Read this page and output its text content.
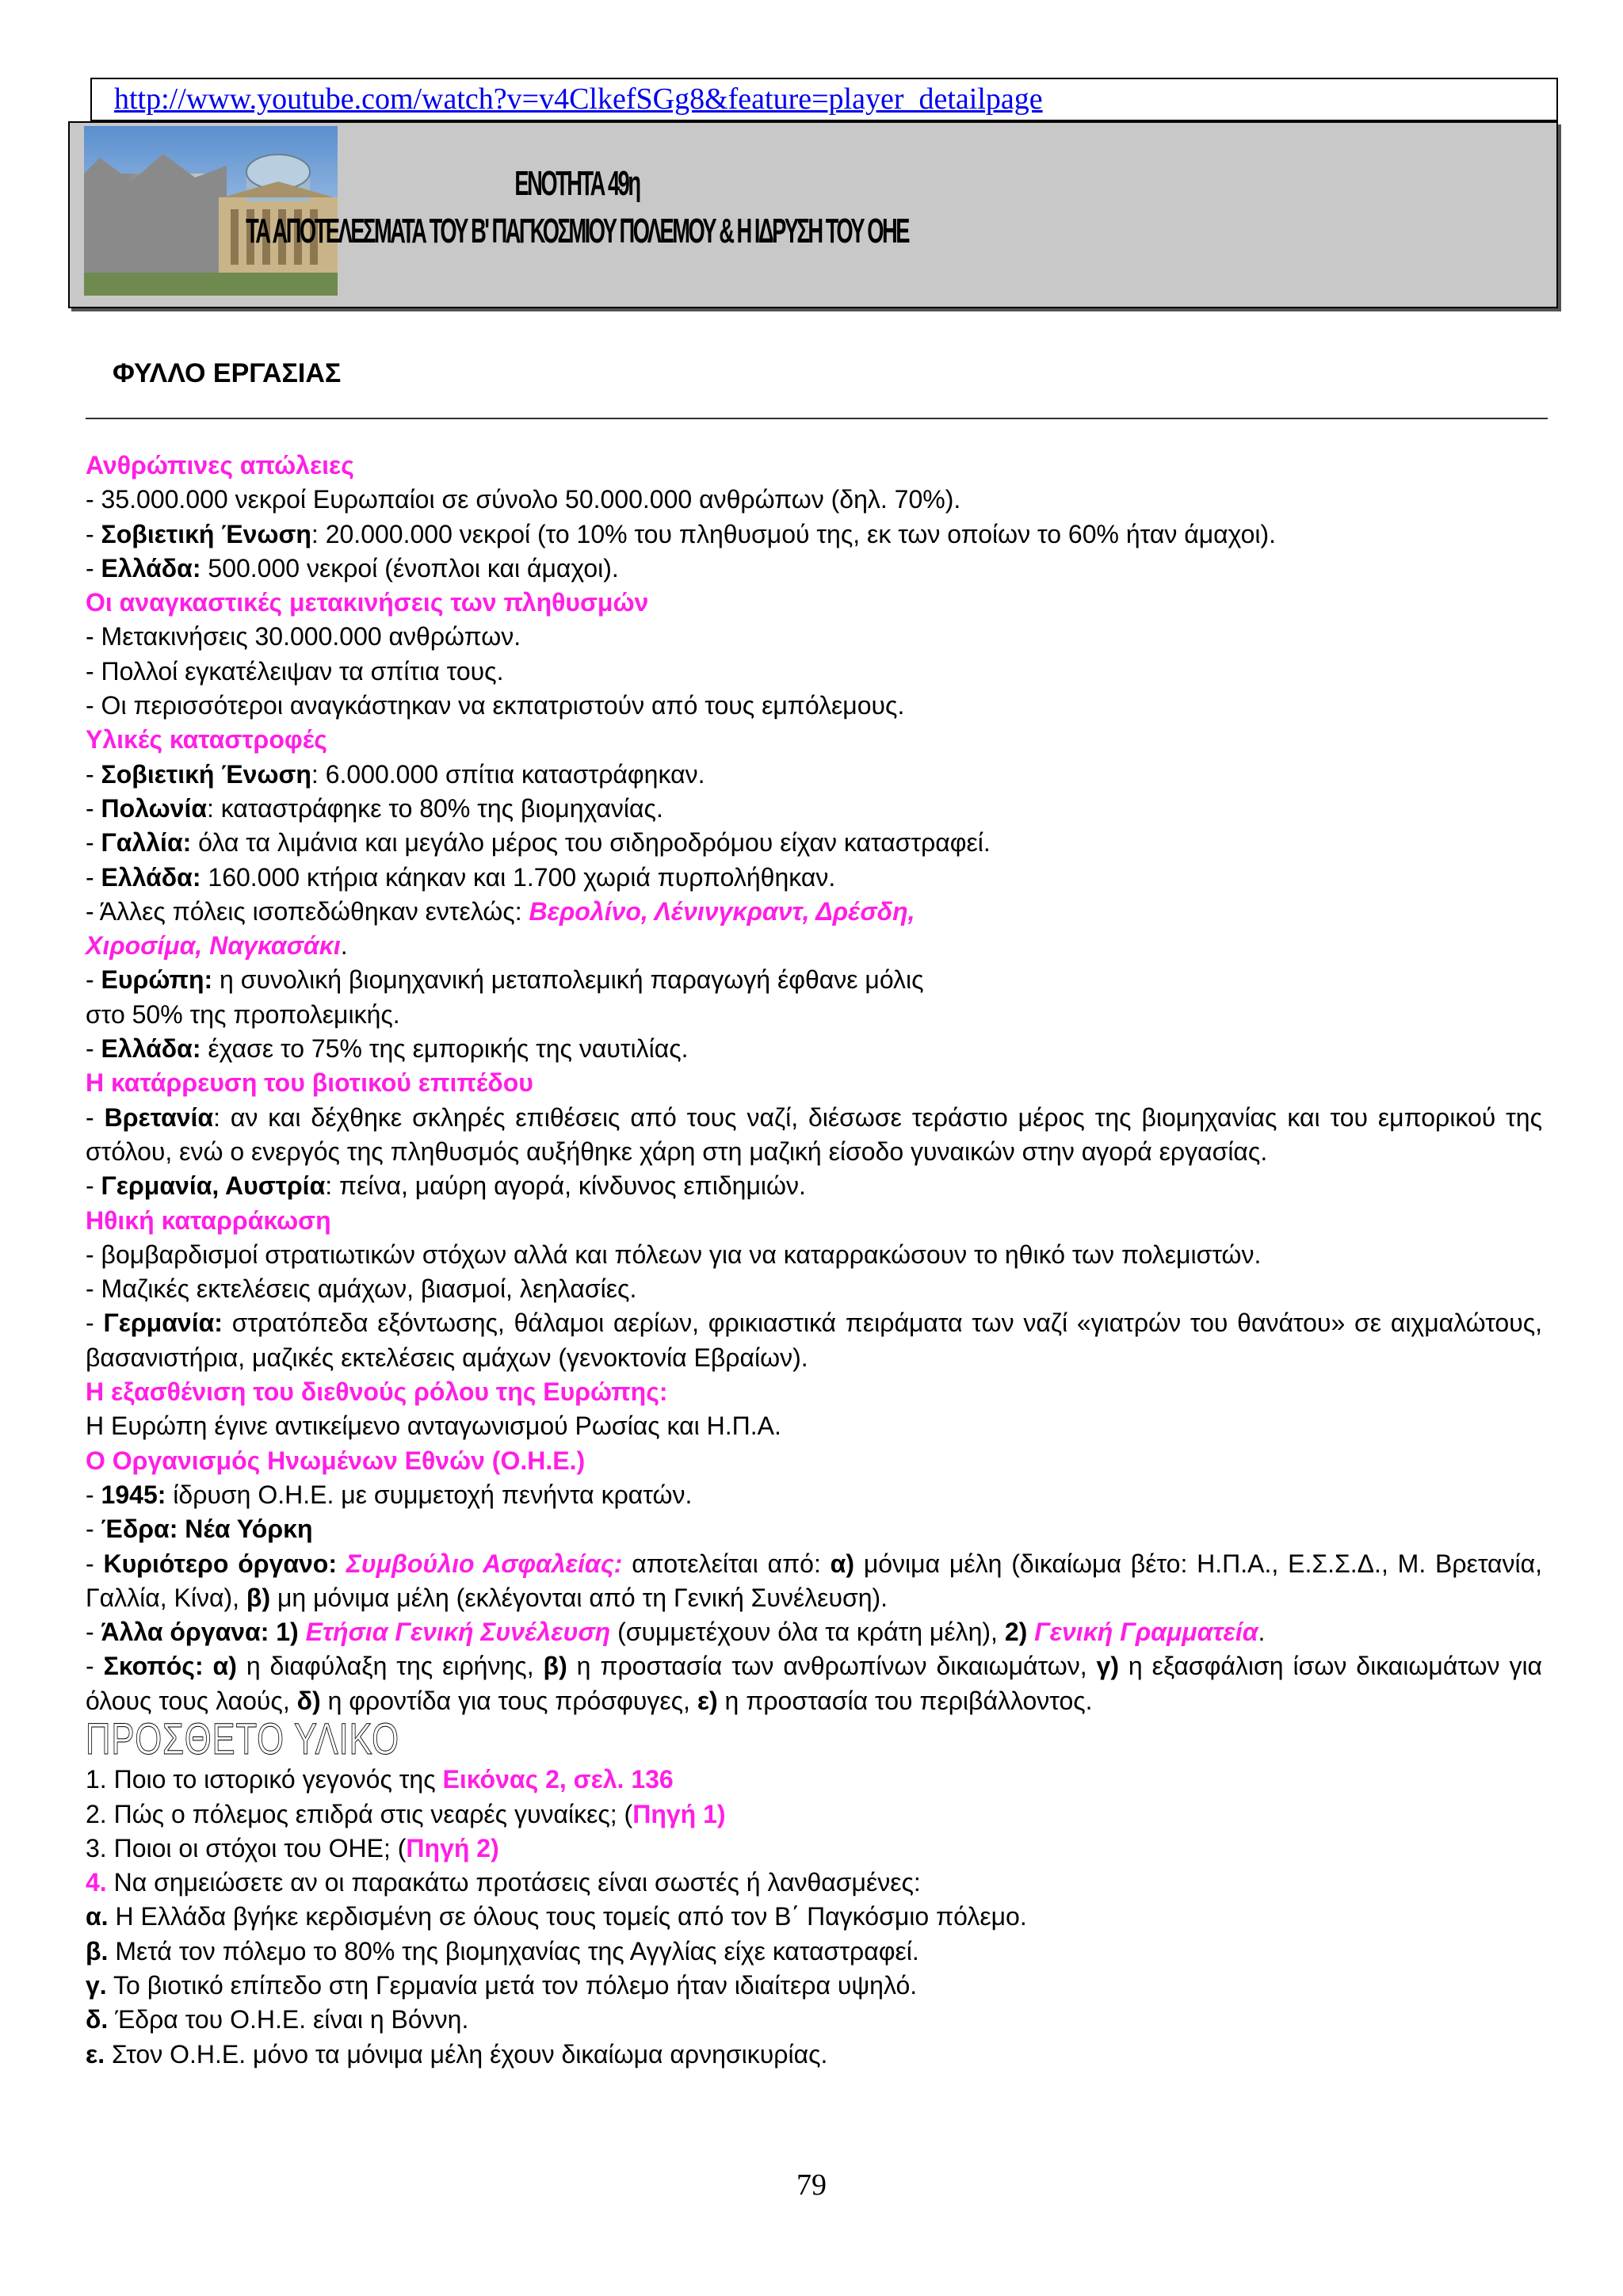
http://www.youtube.com/watch?v=v4ClkefSGg8&feature=player_detailpage
ΕΝΟΤΗΤΑ 49η
ΤΑ ΑΠΟΤΕΛΕΣΜΑΤΑ ΤΟΥ Β' ΠΑΓΚΟΣΜΙΟΥ ΠΟΛΕΜΟΥ & Η ΙΔΡΥΣΗ ΤΟΥ ΟΗΕ
ΦΥΛΛΟ ΕΡΓΑΣΙΑΣ

Ανθρώπινες απώλειες

- 35.000.000 νεκροί Ευρωπαίοι σε σύνολο 50.000.000 ανθρώπων (δηλ. 70%).

- Σοβιετική Ένωση: 20.000.000 νεκροί (το 10% του πληθυσμού της, εκ των οποίων το 60% ήταν άμαχοι).

- Ελλάδα: 500.000 νεκροί (ένοπλοι και άμαχοι).

Οι αναγκαστικές μετακινήσεις των πληθυσμών

- Μετακινήσεις 30.000.000 ανθρώπων.

- Πολλοί εγκατέλειψαν τα σπίτια τους.

- Οι περισσότεροι αναγκάστηκαν να εκπατριστούν από τους εμπόλεμους.

Υλικές καταστροφές

- Σοβιετική Ένωση: 6.000.000 σπίτια καταστράφηκαν.

- Πολωνία: καταστράφηκε το 80% της βιομηχανίας.

- Γαλλία: όλα τα λιμάνια και μεγάλο μέρος του σιδηροδρόμου είχαν καταστραφεί.

- Ελλάδα: 160.000 κτήρια κάηκαν και 1.700 χωριά πυρπολήθηκαν.

- Άλλες πόλεις ισοπεδώθηκαν εντελώς: Βερολίνο, Λένινγκραντ, Δρέσδη,

Χιροσίμα, Ναγκασάκι.

- Ευρώπη: η συνολική βιομηχανική μεταπολεμική παραγωγή έφθανε μόλις

στο 50% της προπολεμικής.

- Ελλάδα: έχασε το 75% της εμπορικής της ναυτιλίας.

Η κατάρρευση του βιοτικού επιπέδου

- Βρετανία: αν και δέχθηκε σκληρές επιθέσεις από τους ναζί, διέσωσε τεράστιο μέρος της βιομηχανίας και του εμπορικού της στόλου, ενώ ο ενεργός της πληθυσμός αυξήθηκε χάρη στη μαζική είσοδο γυναικών στην αγορά εργασίας.

- Γερμανία, Αυστρία: πείνα, μαύρη αγορά, κίνδυνος επιδημιών.

Ηθική καταρράκωση

- βομβαρδισμοί στρατιωτικών στόχων αλλά και πόλεων για να καταρρακώσουν το ηθικό των πολεμιστών.

- Μαζικές εκτελέσεις αμάχων, βιασμοί, λεηλασίες.

- Γερμανία: στρατόπεδα εξόντωσης, θάλαμοι αερίων, φρικιαστικά πειράματα των ναζί «γιατρών του θανάτου» σε αιχμαλώτους, βασανιστήρια, μαζικές εκτελέσεις αμάχων (γενοκτονία Εβραίων).

Η εξασθένιση του διεθνούς ρόλου της Ευρώπης:

Η Ευρώπη έγινε αντικείμενο ανταγωνισμού Ρωσίας και Η.Π.Α.

Ο Οργανισμός Ηνωμένων Εθνών (Ο.Η.Ε.)

- 1945: ίδρυση Ο.Η.Ε. με συμμετοχή πενήντα κρατών.

- Έδρα: Νέα Υόρκη

- Κυριότερο όργανο: Συμβούλιο Ασφαλείας: αποτελείται από: α) μόνιμα μέλη (δικαίωμα βέτο: Η.Π.Α., Ε.Σ.Σ.Δ., Μ. Βρετανία, Γαλλία, Κίνα), β) μη μόνιμα μέλη (εκλέγονται από τη Γενική Συνέλευση).

- Άλλα όργανα: 1) Ετήσια Γενική Συνέλευση (συμμετέχουν όλα τα κράτη μέλη), 2) Γενική Γραμματεία.

- Σκοπός: α) η διαφύλαξη της ειρήνης, β) η προστασία των ανθρωπίνων δικαιωμάτων, γ) η εξασφάλιση ίσων δικαιωμάτων για όλους τους λαούς, δ) η φροντίδα για τους πρόσφυγες, ε) η προστασία του περιβάλλοντος.

ΠΡΟΣΘΕΤΟ ΥΛΙΚΟ

1. Ποιο το ιστορικό γεγονός της Εικόνας 2, σελ. 136

2. Πώς ο πόλεμος επιδρά στις νεαρές γυναίκες; (Πηγή 1)

3. Ποιοι οι στόχοι του ΟΗΕ; (Πηγή 2)

4. Να σημειώσετε αν οι παρακάτω προτάσεις είναι σωστές ή λανθασμένες:

α. Η Ελλάδα βγήκε κερδισμένη σε όλους τους τομείς από τον Β΄ Παγκόσμιο πόλεμο.

β. Μετά τον πόλεμο το 80% της βιομηχανίας της Αγγλίας είχε καταστραφεί.

γ. Το βιοτικό επίπεδο στη Γερμανία μετά τον πόλεμο ήταν ιδιαίτερα υψηλό.

δ. Έδρα του Ο.Η.Ε. είναι η Βόννη.

ε. Στον Ο.Η.Ε. μόνο τα μόνιμα μέλη έχουν δικαίωμα αρνησικυρίας.

79
